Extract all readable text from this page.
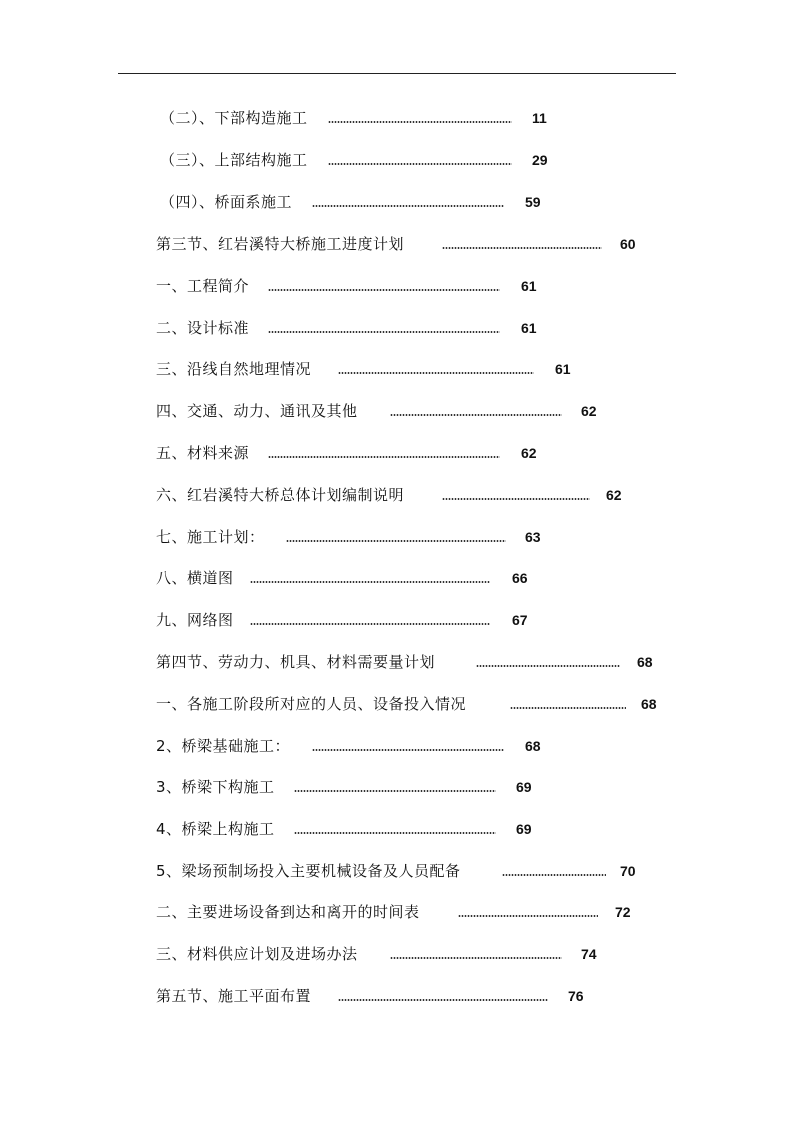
（二）、下部构造施工	11
（三）、上部结构施工	29
（四）、桥面系施工	59
第三节、红岩溪特大桥施工进度计划	60
一、工程简介	61
二、设计标准	61
三、沿线自然地理情况	61
四、交通、动力、通讯及其他	62
五、材料来源	62
六、红岩溪特大桥总体计划编制说明	62
七、施工计划：	63
八、横道图	66
九、网络图	67
第四节、劳动力、机具、材料需要量计划	68
一、各施工阶段所对应的人员、设备投入情况	68
2、桥梁基础施工：	68
3、桥梁下构施工	69
4、桥梁上构施工	69
5、梁场预制场投入主要机械设备及人员配备	70
二、主要进场设备到达和离开的时间表	72
三、材料供应计划及进场办法	74
第五节、施工平面布置	76
